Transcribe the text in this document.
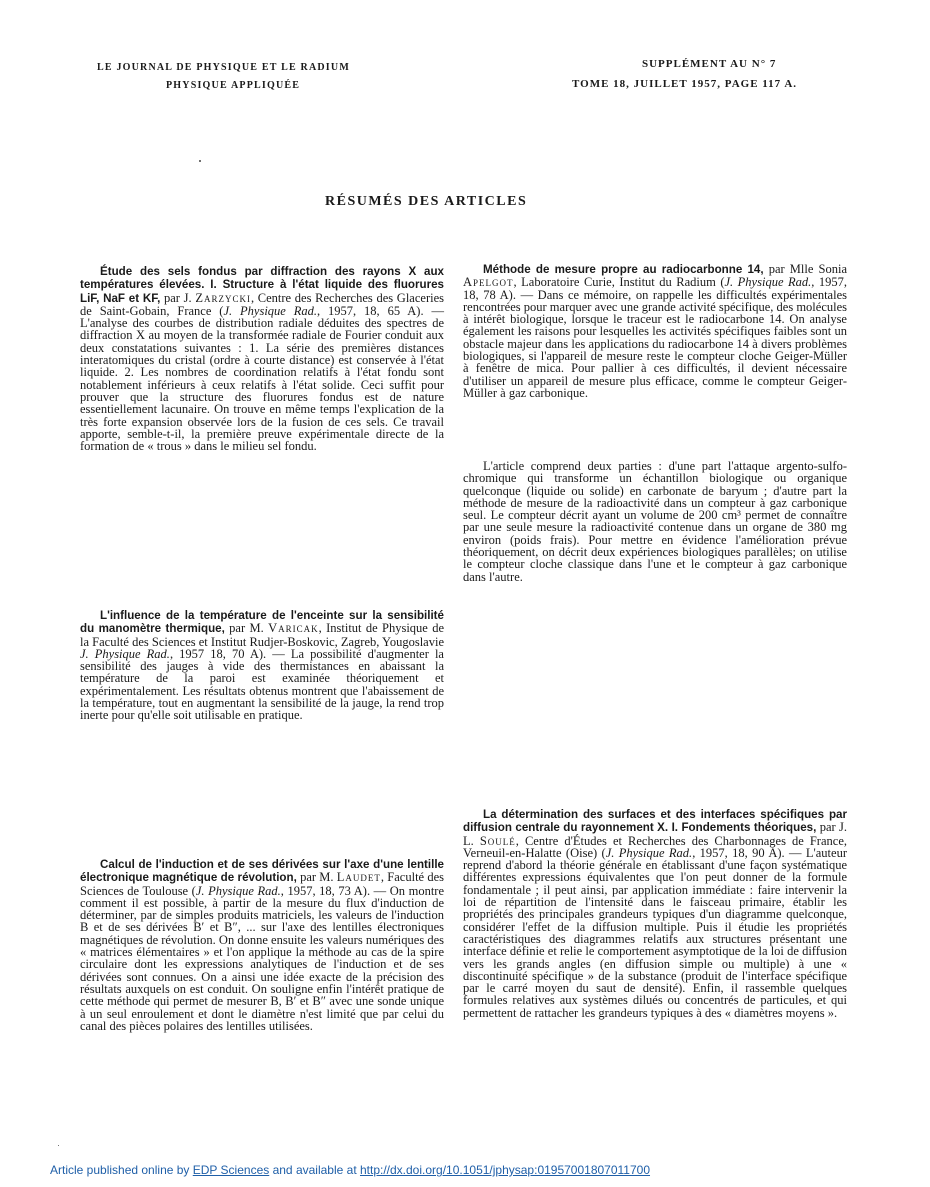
LE JOURNAL DE PHYSIQUE ET LE RADIUM
PHYSIQUE APPLIQUÉE
SUPPLÉMENT AU N° 7
TOME 18, JUILLET 1957, PAGE 117 A.
RÉSUMÉS DES ARTICLES
Étude des sels fondus par diffraction des rayons X aux températures élevées. I. Structure à l'état liquide des fluorures LiF, NaF et KF, par J. Zarzycki, Centre des Recherches des Glaceries de Saint-Gobain, France (J. Physique Rad., 1957, 18, 65 A). — L'analyse des courbes de distribution radiale déduites des spectres de diffraction X au moyen de la transformée radiale de Fourier conduit aux deux constatations suivantes : 1. La série des premières distances interatomiques du cristal (ordre à courte distance) est conservée à l'état liquide. 2. Les nombres de coordination relatifs à l'état fondu sont notablement inférieurs à ceux relatifs à l'état solide. Ceci suffit pour prouver que la structure des fluorures fondus est de nature essentiellement lacunaire. On trouve en même temps l'explication de la très forte expansion observée lors de la fusion de ces sels. Ce travail apporte, semble-t-il, la première preuve expérimentale directe de la formation de « trous » dans le milieu sel fondu.
L'influence de la température de l'enceinte sur la sensibilité du manomètre thermique, par M. Varicak, Institut de Physique de la Faculté des Sciences et Institut Rudjer-Boskovic, Zagreb, Yougoslavie J. Physique Rad., 1957 18, 70 A). — La possibilité d'augmenter la sensibilité des jauges à vide des thermistances en abaissant la température de la paroi est examinée théoriquement et expérimentalement. Les résultats obtenus montrent que l'abaissement de la température, tout en augmentant la sensibilité de la jauge, la rend trop inerte pour qu'elle soit utilisable en pratique.
Calcul de l'induction et de ses dérivées sur l'axe d'une lentille électronique magnétique de révolution, par M. Laudet, Faculté des Sciences de Toulouse (J. Physique Rad., 1957, 18, 73 A). — On montre comment il est possible, à partir de la mesure du flux d'induction de déterminer, par de simples produits matriciels, les valeurs de l'induction B et de ses dérivées B′ et B″, ... sur l'axe des lentilles électroniques magnétiques de révolution. On donne ensuite les valeurs numériques des « matrices élémentaires » et l'on applique la méthode au cas de la spire circulaire dont les expressions analytiques de l'induction et de ses dérivées sont connues. On a ainsi une idée exacte de la précision des résultats auxquels on est conduit. On souligne enfin l'intérêt pratique de cette méthode qui permet de mesurer B, B′ et B″ avec une sonde unique à un seul enroulement et dont le diamètre n'est limité que par celui du canal des pièces polaires des lentilles utilisées.
Méthode de mesure propre au radiocarbonne 14, par Mlle Sonia Apelgot, Laboratoire Curie, Institut du Radium (J. Physique Rad., 1957, 18, 78 A). — Dans ce mémoire, on rappelle les difficultés expérimentales rencontrées pour marquer avec une grande activité spécifique, des molécules à intérêt biologique, lorsque le traceur est le radiocarbone 14. On analyse également les raisons pour lesquelles les activités spécifiques faibles sont un obstacle majeur dans les applications du radiocarbone 14 à divers problèmes biologiques, si l'appareil de mesure reste le compteur cloche Geiger-Müller à fenêtre de mica. Pour pallier à ces difficultés, il devient nécessaire d'utiliser un appareil de mesure plus efficace, comme le compteur Geiger-Müller à gaz carbonique.
L'article comprend deux parties : d'une part l'attaque argento-sulfo-chromique qui transforme un échantillon biologique ou organique quelconque (liquide ou solide) en carbonate de baryum ; d'autre part la méthode de mesure de la radioactivité dans un compteur à gaz carbonique seul. Le compteur décrit ayant un volume de 200 cm³ permet de connaître par une seule mesure la radioactivité contenue dans un organe de 380 mg environ (poids frais). Pour mettre en évidence l'amélioration prévue théoriquement, on décrit deux expériences biologiques parallèles; on utilise le compteur cloche classique dans l'une et le compteur à gaz carbonique dans l'autre.
La détermination des surfaces et des interfaces spécifiques par diffusion centrale du rayonnement X. I. Fondements théoriques, par J. L. Soulé, Centre d'Études et Recherches des Charbonnages de France, Verneuil-en-Halatte (Oise) (J. Physique Rad., 1957, 18, 90 A). — L'auteur reprend d'abord la théorie générale en établissant d'une façon systématique différentes expressions équivalentes que l'on peut donner de la formule fondamentale ; il peut ainsi, par application immédiate : faire intervenir la loi de répartition de l'intensité dans le faisceau primaire, établir les propriétés des principales grandeurs typiques d'un diagramme quelconque, considérer l'effet de la diffusion multiple. Puis il étudie les propriétés caractéristiques des diagrammes relatifs aux structures présentant une interface définie et relie le comportement asymptotique de la loi de diffusion vers les grands angles (en diffusion simple ou multiple) à une « discontinuité spécifique » de la substance (produit de l'interface spécifique par le carré moyen du saut de densité). Enfin, il rassemble quelques formules relatives aux systèmes dilués ou concentrés de particules, et qui permettent de rattacher les grandeurs typiques à des « diamètres moyens ».
Article published online by EDP Sciences and available at http://dx.doi.org/10.1051/jphysap:01957001807011700
